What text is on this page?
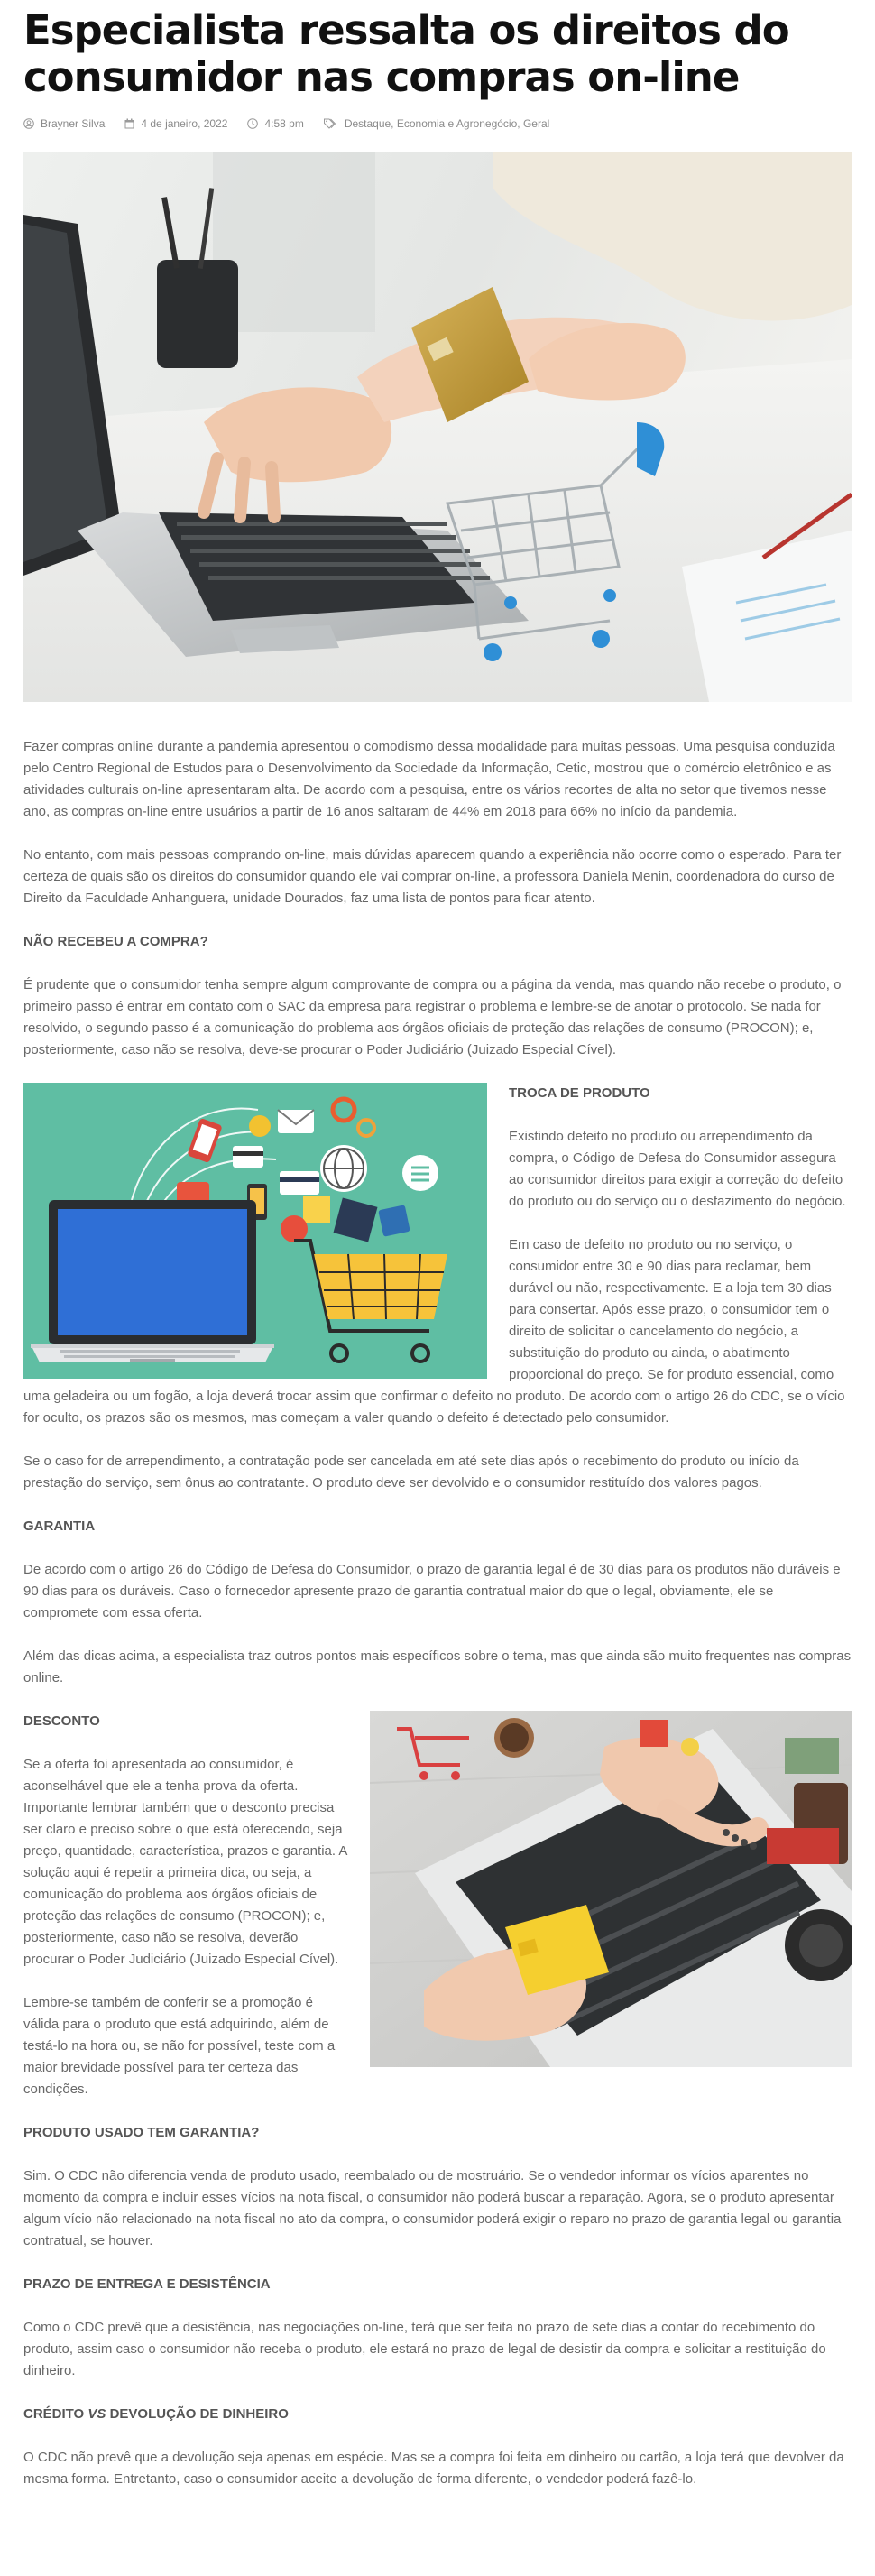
Especialista ressalta os direitos do consumidor nas compras on-line
Brayner Silva	4 de janeiro, 2022	4:58 pm	Destaque, Economia e Agronegócio, Geral

Fazer compras online durante a pandemia apresentou o comodismo dessa modalidade para muitas pessoas. Uma pesquisa conduzida pelo Centro Regional de Estudos para o Desenvolvimento da Sociedade da Informação, Cetic, mostrou que o comércio eletrônico e as atividades culturais on-line apresentaram alta. De acordo com a pesquisa, entre os vários recortes de alta no setor que tivemos nesse ano, as compras on-line entre usuários a partir de 16 anos saltaram de 44% em 2018 para 66% no início da pandemia.

No entanto, com mais pessoas comprando on-line, mais dúvidas aparecem quando a experiência não ocorre como o esperado. Para ter certeza de quais são os direitos do consumidor quando ele vai comprar on-line, a professora Daniela Menin, coordenadora do curso de Direito da Faculdade Anhanguera, unidade Dourados, faz uma lista de pontos para ficar atento.

NÃO RECEBEU A COMPRA?

É prudente que o consumidor tenha sempre algum comprovante de compra ou a página da venda, mas quando não recebe o produto, o primeiro passo é entrar em contato com o SAC da empresa para registrar o problema e lembre-se de anotar o protocolo. Se nada for resolvido, o segundo passo é a comunicação do problema aos órgãos oficiais de proteção das relações de consumo (PROCON); e, posteriormente, caso não se resolva, deve-se procurar o Poder Judiciário (Juizado Especial Cível).

TROCA DE PRODUTO

Existindo defeito no produto ou arrependimento da compra, o Código de Defesa do Consumidor assegura ao consumidor direitos para exigir a correção do defeito do produto ou do serviço ou o desfazimento do negócio.

Em caso de defeito no produto ou no serviço, o consumidor entre 30 e 90 dias para reclamar, bem durável ou não, respectivamente. E a loja tem 30 dias para consertar. Após esse prazo, o consumidor tem o direito de solicitar o cancelamento do negócio, a substituição do produto ou ainda, o abatimento proporcional do preço. Se for produto essencial, como uma geladeira ou um fogão, a loja deverá trocar assim que confirmar o defeito no produto. De acordo com o artigo 26 do CDC, se o vício for oculto, os prazos são os mesmos, mas começam a valer quando o defeito é detectado pelo consumidor.

Se o caso for de arrependimento, a contratação pode ser cancelada em até sete dias após o recebimento do produto ou início da prestação do serviço, sem ônus ao contratante. O produto deve ser devolvido e o consumidor restituído dos valores pagos.

GARANTIA

De acordo com o artigo 26 do Código de Defesa do Consumidor, o prazo de garantia legal é de 30 dias para os produtos não duráveis e 90 dias para os duráveis. Caso o fornecedor apresente prazo de garantia contratual maior do que o legal, obviamente, ele se compromete com essa oferta.

Além das dicas acima, a especialista traz outros pontos mais específicos sobre o tema, mas que ainda são muito frequentes nas compras online.

DESCONTO

Se a oferta foi apresentada ao consumidor, é aconselhável que ele a tenha prova da oferta. Importante lembrar também que o desconto precisa ser claro e preciso sobre o que está oferecendo, seja preço, quantidade, característica, prazos e garantia. A solução aqui é repetir a primeira dica, ou seja, a comunicação do problema aos órgãos oficiais de proteção das relações de consumo (PROCON); e, posteriormente, caso não se resolva, deverão procurar o Poder Judiciário (Juizado Especial Cível).

Lembre-se também de conferir se a promoção é válida para o produto que está adquirindo, além de testá-lo na hora ou, se não for possível, teste com a maior brevidade possível para ter certeza das condições.

PRODUTO USADO TEM GARANTIA?

Sim. O CDC não diferencia venda de produto usado, reembalado ou de mostruário. Se o vendedor informar os vícios aparentes no momento da compra e incluir esses vícios na nota fiscal, o consumidor não poderá buscar a reparação. Agora, se o produto apresentar algum vício não relacionado na nota fiscal no ato da compra, o consumidor poderá exigir o reparo no prazo de garantia legal ou garantia contratual, se houver.

PRAZO DE ENTREGA E DESISTÊNCIA

Como o CDC prevê que a desistência, nas negociações on-line, terá que ser feita no prazo de sete dias a contar do recebimento do produto, assim caso o consumidor não receba o produto, ele estará no prazo de legal de desistir da compra e solicitar a restituição do dinheiro.

CRÉDITO VS DEVOLUÇÃO DE DINHEIRO

O CDC não prevê que a devolução seja apenas em espécie. Mas se a compra foi feita em dinheiro ou cartão, a loja terá que devolver da mesma forma. Entretanto, caso o consumidor aceite a devolução de forma diferente, o vendedor poderá fazê-lo.
